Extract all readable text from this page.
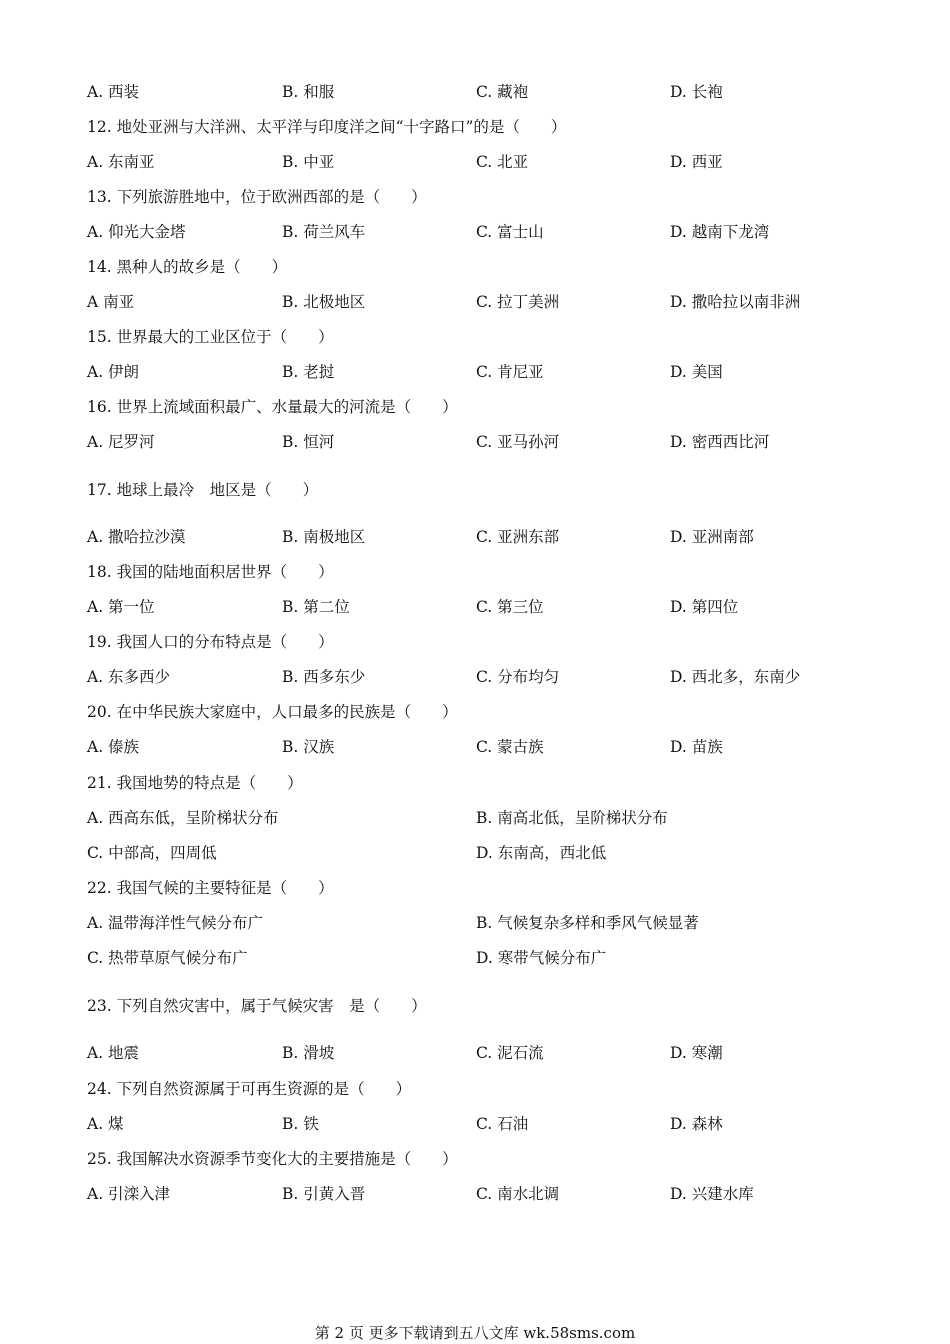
A. 西装	B. 和服	C. 藏袍	D. 长袍
12. 地处亚洲与大洋洲、太平洋与印度洋之间“十字路口”的是（　　）
A. 东南亚	B. 中亚	C. 北亚	D. 西亚
13. 下列旅游胜地中，位于欧洲西部的是（　　）
A. 仰光大金塔	B. 荷兰风车	C. 富士山	D. 越南下龙湾
14. 黑种人的故乡是（　　）
A 南亚	B. 北极地区	C. 拉丁美洲	D. 撒哈拉以南非洲
15. 世界最大的工业区位于（　　）
A. 伊朗	B. 老挝	C. 肯尼亚	D. 美国
16. 世界上流域面积最广、水量最大的河流是（　　）
A. 尼罗河	B. 恒河	C. 亚马孙河	D. 密西西比河
17. 地球上最冷　地区是（　　）
A. 撒哈拉沙漠	B. 南极地区	C. 亚洲东部	D. 亚洲南部
18. 我国的陆地面积居世界（　　）
A. 第一位	B. 第二位	C. 第三位	D. 第四位
19. 我国人口的分布特点是（　　）
A. 东多西少	B. 西多东少	C. 分布均匀	D. 西北多，东南少
20. 在中华民族大家庭中，人口最多的民族是（　　）
A. 傣族	B. 汉族	C. 蒙古族	D. 苗族
21. 我国地势的特点是（　　）
A. 西高东低，呈阶梯状分布	B. 南高北低，呈阶梯状分布
C. 中部高，四周低	D. 东南高，西北低
22. 我国气候的主要特征是（　　）
A. 温带海洋性气候分布广	B. 气候复杂多样和季风气候显著
C. 热带草原气候分布广	D. 寒带气候分布广
23. 下列自然灾害中，属于气候灾害　是（　　）
A. 地震	B. 滑坡	C. 泥石流	D. 寒潮
24. 下列自然资源属于可再生资源的是（　　）
A. 煤	B. 铁	C. 石油	D. 森林
25. 我国解决水资源季节变化大的主要措施是（　　）
A. 引滦入津	B. 引黄入晋	C. 南水北调	D. 兴建水库
第 2 页 更多下载请到五八文库 wk.58sms.com
